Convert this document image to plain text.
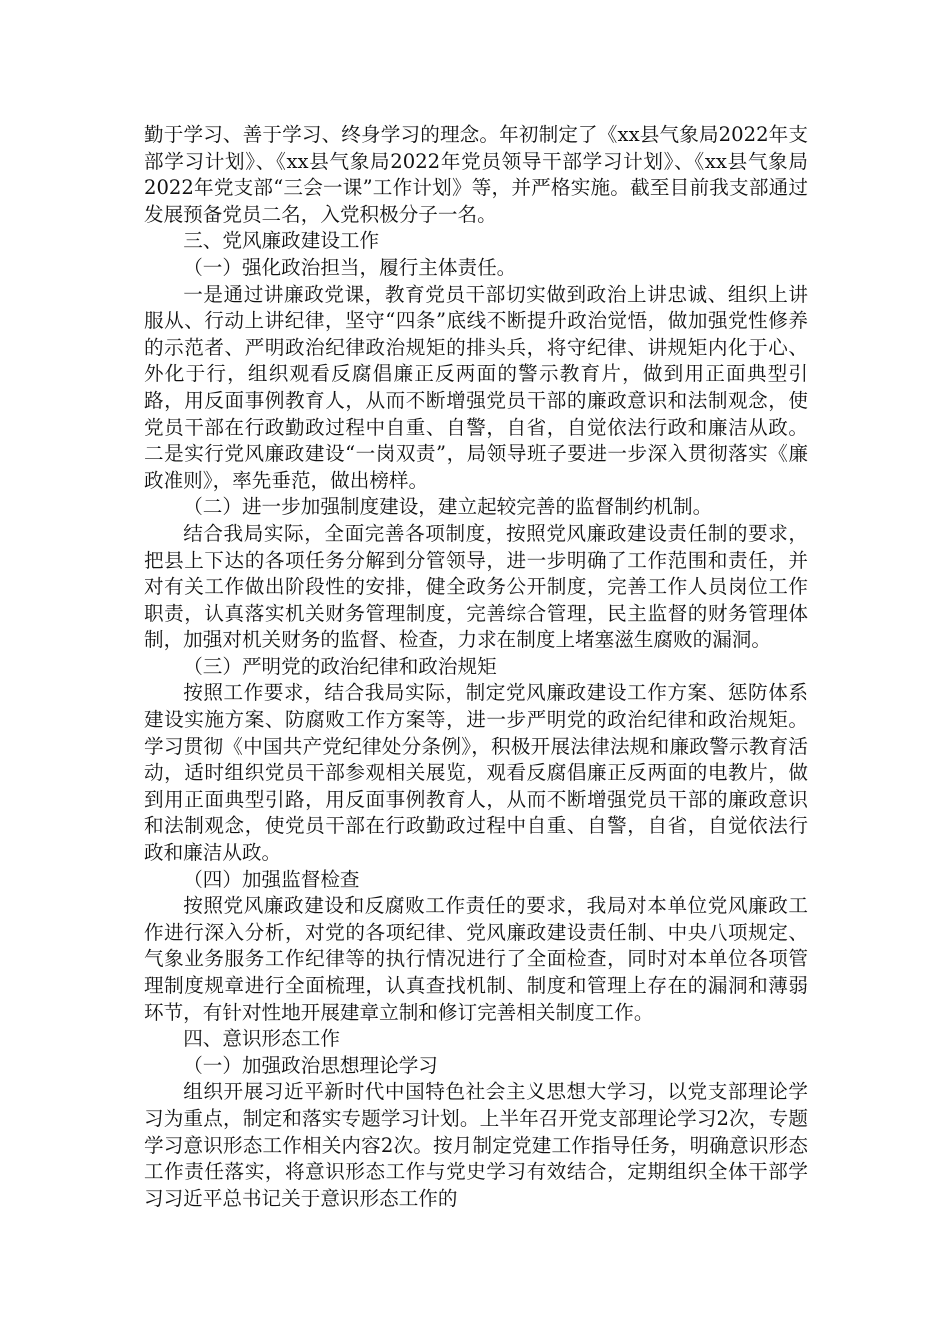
勤于学习、善于学习、终身学习的理念。年初制定了《xx县气象局2022年支部学习计划》、《xx县气象局2022年党员领导干部学习计划》、《xx县气象局2022年党支部“三会一课”工作计划》等，并严格实施。截至目前我支部通过发展预备党员二名，入党积极分子一名。

三、党风廉政建设工作

（一）强化政治担当，履行主体责任。

一是通过讲廉政党课，教育党员干部切实做到政治上讲忠诚、组织上讲服从、行动上讲纪律，坚守“四条”底线不断提升政治觉悟，做加强党性修养的示范者、严明政治纪律政治规矩的排头兵，将守纪律、讲规矩内化于心、外化于行，组织观看反腐倡廉正反两面的警示教育片，做到用正面典型引路，用反面事例教育人，从而不断增强党员干部的廉政意识和法制观念，使党员干部在行政勤政过程中自重、自警，自省，自觉依法行政和廉洁从政。二是实行党风廉政建设“一岗双责”，局领导班子要进一步深入贯彻落实《廉政准则》，率先垂范，做出榜样。

（二）进一步加强制度建设，建立起较完善的监督制约机制。

结合我局实际，全面完善各项制度，按照党风廉政建设责任制的要求，把县上下达的各项任务分解到分管领导，进一步明确了工作范围和责任，并对有关工作做出阶段性的安排，健全政务公开制度，完善工作人员岗位工作职责，认真落实机关财务管理制度，完善综合管理，民主监督的财务管理体制，加强对机关财务的监督、检查，力求在制度上堵塞滋生腐败的漏洞。

（三）严明党的政治纪律和政治规矩

按照工作要求，结合我局实际，制定党风廉政建设工作方案、惩防体系建设实施方案、防腐败工作方案等，进一步严明党的政治纪律和政治规矩。学习贯彻《中国共产党纪律处分条例》，积极开展法律法规和廉政警示教育活动，适时组织党员干部参观相关展览，观看反腐倡廉正反两面的电教片，做到用正面典型引路，用反面事例教育人，从而不断增强党员干部的廉政意识和法制观念，使党员干部在行政勤政过程中自重、自警，自省，自觉依法行政和廉洁从政。

（四）加强监督检查

按照党风廉政建设和反腐败工作责任的要求，我局对本单位党风廉政工作进行深入分析，对党的各项纪律、党风廉政建设责任制、中央八项规定、气象业务服务工作纪律等的执行情况进行了全面检查，同时对本单位各项管理制度规章进行全面梳理，认真查找机制、制度和管理上存在的漏洞和薄弱环节，有针对性地开展建章立制和修订完善相关制度工作。

四、意识形态工作

（一）加强政治思想理论学习

组织开展习近平新时代中国特色社会主义思想大学习，以党支部理论学习为重点，制定和落实专题学习计划。上半年召开党支部理论学习2次，专题学习意识形态工作相关内容2次。按月制定党建工作指导任务，明确意识形态工作责任落实，将意识形态工作与党史学习有效结合，定期组织全体干部学习习近平总书记关于意识形态工作的
